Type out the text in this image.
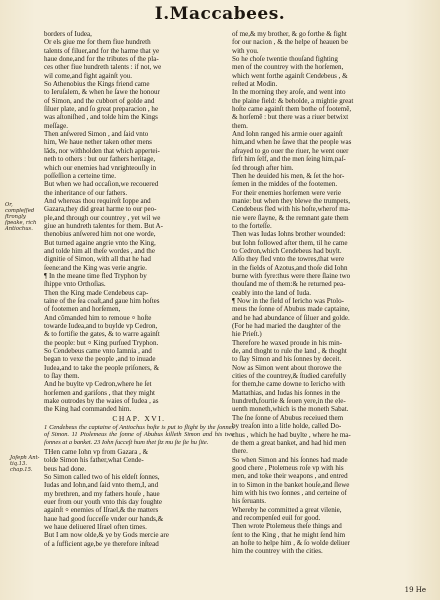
I.Maccabees.
Or, compleſſed ſtrongly ſpeake, rich Antiochus.
Joſeph Ant-tiq.13. chap.15.

borders of Iudea,

Or els giue me for them fiue hundreth

talents of filuer,and for the harme that ye

haue done,and for the tributes of the pla-

ces other fiue hundreth talents : if not, we

wil come,and fight againſt you.

So Athenobius the Kings friend came

to Ieruſalem, & when he ſawe the honour

of Simon, and the cubbort of golde and

ſiluer plate, and ſo great preparacion , he

was aſtoniſhed , and tolde him the Kings

meſſage.

Then anſwered Simon , and ſaid vnto

him, We haue nether taken other mens

lãds, nor withholden that which appertei-

neth to others : but our fathers heritage,

which our enemies had vnrighteouſly in

poſſeſſion a certeine time.

But when we had occaſion,we recouered

the inheritance of our fathers.

And whereas thou requireſt Ioppe and

Gazara,they did great harme to our peo-

ple,and through our countrey , yet wil we

giue an hundreth talentes for them. But A-

thenobius anſwered him not one worde,

But turned againe angrie vnto the King,

and tolde him all theſe wordes , and the

dignitie of Simon, with all that he had

ſeene:and the King was verie angrie.

¶ In the meane time fled Tryphon by

ſhippe vnto Orthoſias.

Then the King made Cendebeus cap-

taine of the ſea coaſt,and gaue him hoſtes

of footemen and horſemen,

And cõmanded him to remoue ⸰ hoſte

towarde Iudea,and to buylde vp Cedron,

& to fortifie the gates, & to warre againſt

the people: but ⸰ King purſued Tryphon.

So Cendebeus came vnto Iamnia , and

began to vexe the people ,and to inuade

Iudea,and to take the people priſoners, &

to ſlay them.

And he buylte vp Cedron,where he ſet

horſemen and gariſons , that they might

make outrodes by the waies of Iudea , as

the King had commanded him.

CHAP. XVI.
1 Cendebeus the captaine of Antiochus hoſte is put to flight by the ſonnes of Simon. 11 Ptolemeus the ſonne of Abubus killeth Simon and his two ſonnes at a banket. 23 Iohn ſucceſt hum thet ſtz mu ſte ſte hu ſite.

THen came Iohn vp from Gazara , &

tolde Simon his father,what Cende-

beus had done.

So Simon called two of his eldeſt ſonnes,

Iudas and Iohn,and ſaid vnto them,I, and

my brethren, and my fathers houſe , haue

euer from our youth vnto this day foughte

againſt ⸰ enemies of Iſrael,& the matters

haue had good ſucceſſe vnder our hands,&

we haue deliuered Iſrael often times.

But I am now olde,& ye by Gods mercie are

of a ſufficient age,be ye therefore inſtead

of me,& my brother, & go forthe & fight

for our nacion , & the helpe of heauen be

with you.

So he choſe twentie thouſand fighting

men of the countrey with the horſemen,

which went forthe againſt Cendebeus , &

reſted at Modin.

In the morning they aroſe, and went into

the plaine field: & beholde, a mightie great

hoſte came againſt them bothe of footemē,

& horſemē : but there was a riuer betwixt

them.

And Iohn ranged his armie ouer againſt

him,and when he ſawe that the people was

afrayed to go ouer the riuer, he went ouer

firſt him ſelf, and the men ſeing him,paſ-

ſed through after him.

Then he deuided his men, & ſet the hor-

ſemen in the middes of the footemen.

For their enemies horſemen were verie

manie: but when they blewe the trumpets,

Cendebeus fled with his hoſte,wherof ma-

nie were ſlayne, & the remnant gate them

to the forteſſe.

Then was Iudas Iohns brother wounded:

but Iohn followed after them, til he came

to Cedron,which Cendebeus had buylt.

Alſo they fled vnto the towres,that were

in the fields of Azotus,and thoſe did Iohn

burne with fyre:thus were there ſlaine two

thouſand me of them:& he returned pea-

ceably into the land of Iuda.

¶ Now in the field of Iericho was Ptolo-

meus the ſonne of Abubus made captaine,

and he had abundance of ſiluer and golde.

(For he had maried the daughter of the

hie Prieſt.)

Therefore he waxed proude in his min-

de, and thoght to rule the land , & thoght

to ſlay Simon and his ſonnes by deceit.

Now as Simon went about thorowe the

cities of the countrey,& ſtudied carefully

for them,he came downe to Iericho with

Mattathias, and Iudas his ſonnes in the

hundreth,fourtie & ſeuen yere,in the ele-

uenth moneth,which is the moneth Sabat.

The ſne ſonne of Abubus receiued them

by treaſon into a litle holde, called Do-

chus , which he had buylte , where he ma-

de them a great banket, and had hid men

there.

So when Simon and his ſonnes had made

good chere , Ptolemeus roſe vp with his

men, and toke their weapons , and entred

in to Simon in the banket houſe,and ſlewe

him with his two ſonnes , and certeine of

his ſeruants.

Whereby he committed a great vilenie,

and recompenſed euil for good.

Then wrote Ptolemeus theſe things and

ſent to the King , that he might ſend him

an hoſte to helpe him , & ſo wolde deliuer

him the countrey with the cities.

19 He
